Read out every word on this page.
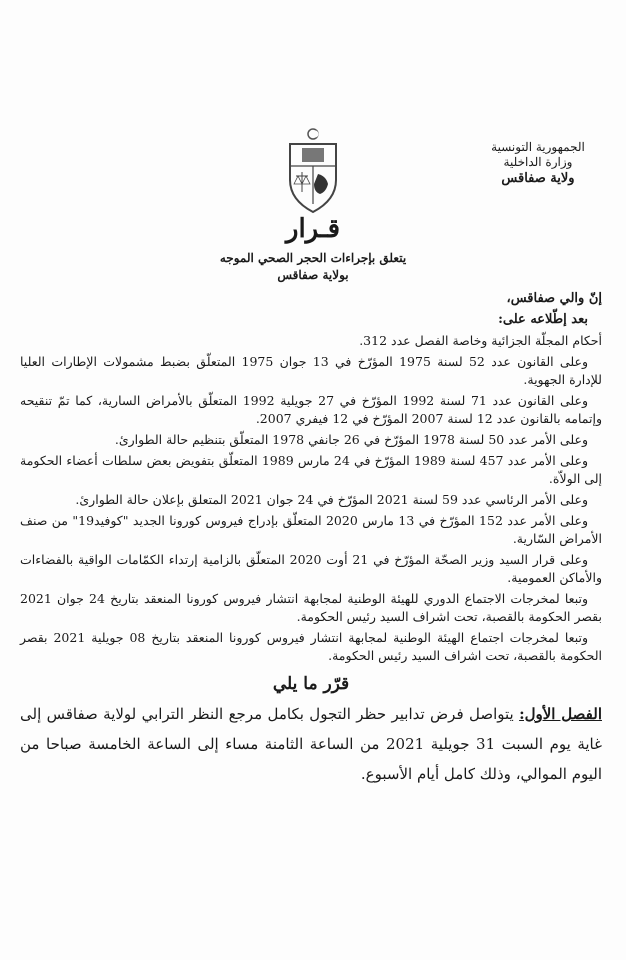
الجمهورية التونسية
وزارة الداخلية
ولاية صفاقس
قـرار
يتعلق بإجراءات الحجر الصحي الموجه
بولاية صفاقس

إنّ والي صفاقس،

بعد إطّلاعه على:

أحكام المجلّة الجزائية وخاصة الفصل عدد 312.

وعلى القانون عدد 52 لسنة 1975 المؤرّخ في 13 جوان 1975 المتعلّق بضبط مشمولات الإطارات العليا للإدارة الجهوية.

وعلى القانون عدد 71 لسنة 1992 المؤرّخ في 27 جويلية 1992 المتعلّق بالأمراض السارية، كما تمّ تنقيحه وإتمامه بالقانون عدد 12 لسنة 2007 المؤرّخ في 12 فيفري 2007.

وعلى الأمر عدد 50 لسنة 1978 المؤرّخ في 26 جانفي 1978 المتعلّق بتنظيم حالة الطوارئ.

وعلى الأمر عدد 457 لسنة 1989 المؤرّخ في 24 مارس 1989 المتعلّق بتفويض بعض سلطات أعضاء الحكومة إلى الولاّة.

وعلى الأمر الرئاسي عدد 59 لسنة 2021 المؤرّخ في 24 جوان 2021 المتعلق بإعلان حالة الطوارئ.

وعلى الأمر عدد 152 المؤرّخ في 13 مارس 2020 المتعلّق بإدراج فيروس كورونا الجديد "كوفيد19" من صنف الأمراض السّارية.

وعلى قرار السيد وزير الصحّة المؤرّخ في 21 أوت 2020 المتعلّق بالزامية إرتداء الكمّامات الواقية بالفضاءات والأماكن العمومية.

وتبعا لمخرجات الاجتماع الدوري للهيئة الوطنية لمجابهة انتشار فيروس كورونا المنعقد بتاريخ 24 جوان 2021 بقصر الحكومة بالقصبة، تحت اشراف السيد رئيس الحكومة.

وتبعا لمخرجات اجتماع الهيئة الوطنية لمجابهة انتشار فيروس كورونا المنعقد بتاريخ 08 جويلية 2021 بقصر الحكومة بالقصبة، تحت اشراف السيد رئيس الحكومة.

قرّر ما يلي

الفصل الأول: يتواصل فرض تدابير حظر التجول بكامل مرجع النظر الترابي لولاية صفاقس إلى غاية يوم السبت 31 جويلية 2021 من الساعة الثامنة مساء إلى الساعة الخامسة صباحا من اليوم الموالي، وذلك كامل أيام الأسبوع.
